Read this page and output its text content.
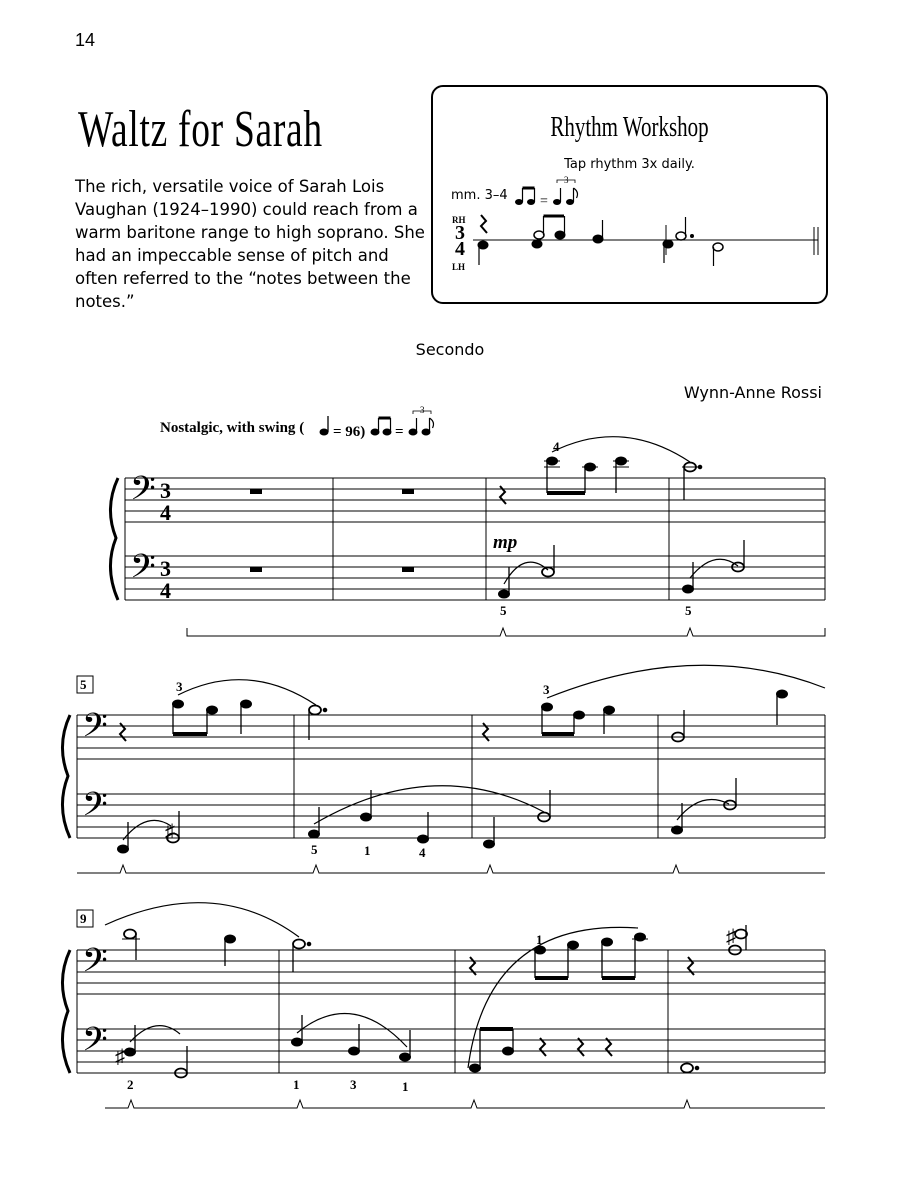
14
Waltz for Sarah
The rich, versatile voice of Sarah Lois Vaughan (1924–1990) could reach from a warm baritone range to high soprano. She had an impeccable sense of pitch and often referred to the “notes between the notes.”
Rhythm Workshop
Tap rhythm 3x daily.
mm. 3–4 =
3
RH
LH
3
4
Secondo
Wynn-Anne Rossi
Nostalgic, with swing ( = 96) =
3
𝄢
𝄢
3
4
3
4
4
5	5
mp
5
𝄢
𝄢
♯
3	3
5	1	4
9
𝄢
𝄢 ♯
♯
1
2	1	3	1
